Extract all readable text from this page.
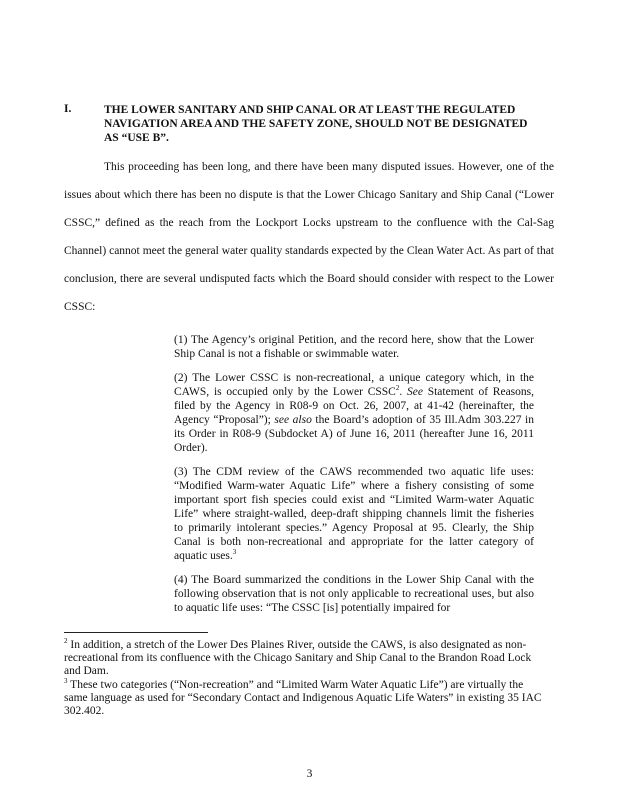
I.	THE LOWER SANITARY AND SHIP CANAL OR AT LEAST THE REGULATED NAVIGATION AREA AND THE SAFETY ZONE, SHOULD NOT BE DESIGNATED AS “USE B”.

This proceeding has been long, and there have been many disputed issues. However, one of the issues about which there has been no dispute is that the Lower Chicago Sanitary and Ship Canal (“Lower CSSC,” defined as the reach from the Lockport Locks upstream to the confluence with the Cal-Sag Channel) cannot meet the general water quality standards expected by the Clean Water Act. As part of that conclusion, there are several undisputed facts which the Board should consider with respect to the Lower CSSC:

(1) The Agency’s original Petition, and the record here, show that the Lower Ship Canal is not a fishable or swimmable water.

(2) The Lower CSSC is non-recreational, a unique category which, in the CAWS, is occupied only by the Lower CSSC$^2$. See Statement of Reasons, filed by the Agency in R08-9 on Oct. 26, 2007, at 41-42 (hereinafter, the Agency “Proposal”); see also the Board’s adoption of 35 Ill.Adm 303.227 in its Order in R08-9 (Subdocket A) of June 16, 2011 (hereafter June 16, 2011 Order).

(3) The CDM review of the CAWS recommended two aquatic life uses: “Modified Warm-water Aquatic Life” where a fishery consisting of some important sport fish species could exist and “Limited Warm-water Aquatic Life” where straight-walled, deep-draft shipping channels limit the fisheries to primarily intolerant species.” Agency Proposal at 95. Clearly, the Ship Canal is both non-recreational and appropriate for the latter category of aquatic uses.$^3$

(4) The Board summarized the conditions in the Lower Ship Canal with the following observation that is not only applicable to recreational uses, but also to aquatic life uses: “The CSSC [is] potentially impaired for

$^2$ In addition, a stretch of the Lower Des Plaines River, outside the CAWS, is also designated as non-recreational from its confluence with the Chicago Sanitary and Ship Canal to the Brandon Road Lock and Dam.

$^3$ These two categories (“Non-recreation” and “Limited Warm Water Aquatic Life”) are virtually the same language as used for “Secondary Contact and Indigenous Aquatic Life Waters” in existing 35 IAC 302.402.

3
